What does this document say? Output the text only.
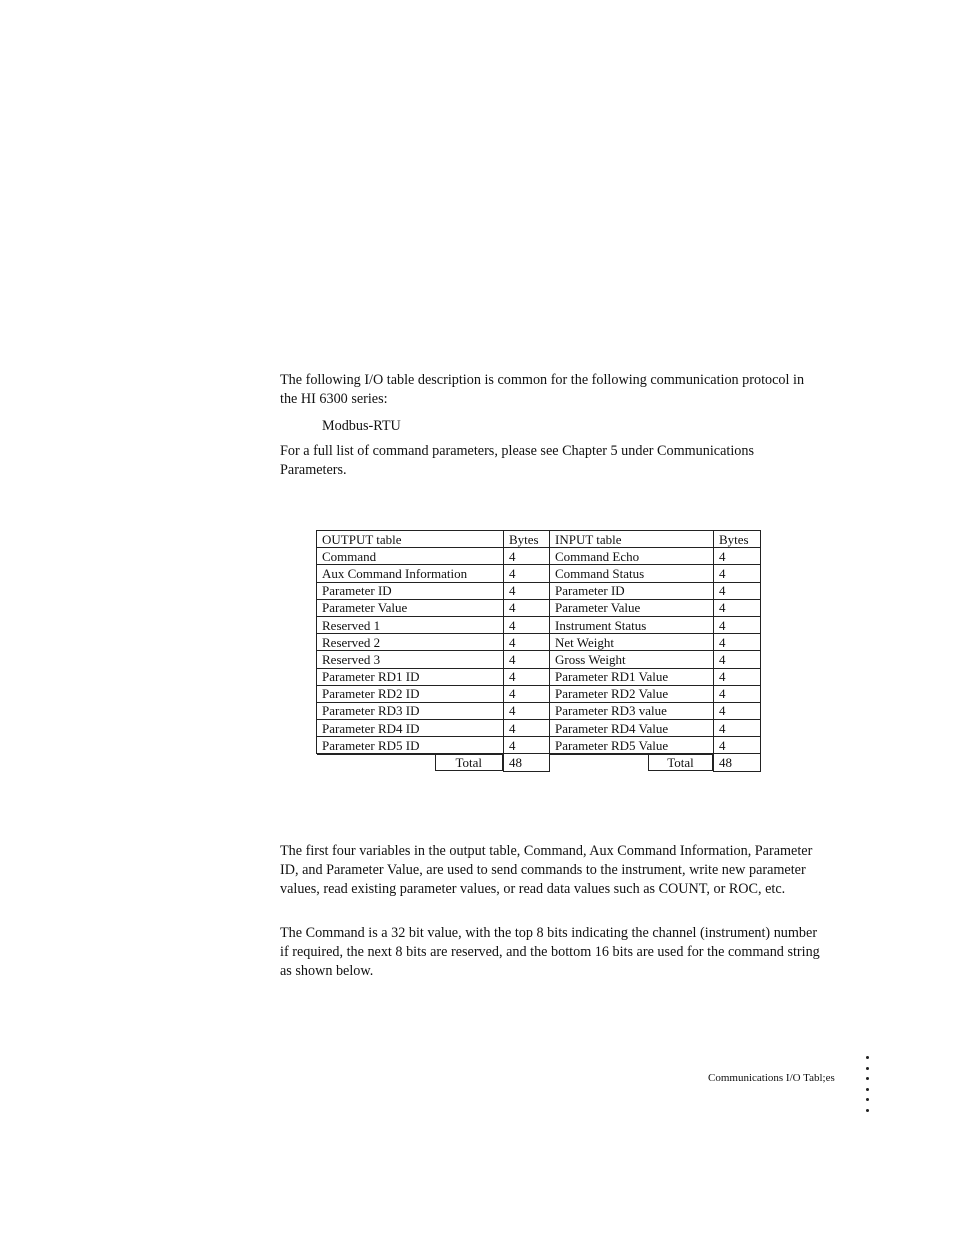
The following I/O table description is common for the following communication protocol in the HI 6300 series:

Modbus-RTU

For a full list of command parameters, please see Chapter 5 under Communications Parameters.

OUTPUT table	Bytes	INPUT table	Bytes
Command	4	Command Echo	4
Aux Command Information	4	Command Status	4
Parameter ID	4	Parameter ID	4
Parameter Value	4	Parameter Value	4
Reserved 1	4	Instrument Status	4
Reserved 2	4	Net Weight	4
Reserved 3	4	Gross Weight	4
Parameter RD1 ID	4	Parameter RD1 Value	4
Parameter RD2 ID	4	Parameter RD2 Value	4
Parameter RD3 ID	4	Parameter RD3 value	4
Parameter RD4 ID	4	Parameter RD4 Value	4
Parameter RD5 ID	4	Parameter RD5 Value	4

Total	48	Total	48

The first four variables in the output table, Command, Aux Command Information, Parameter ID, and Parameter Value, are used to send commands to the instrument, write new parameter values, read existing parameter values, or read data values such as COUNT, or ROC, etc.

The Command is a 32 bit value, with the top 8 bits indicating the channel (instrument) number if required, the next 8 bits are reserved, and the bottom 16 bits are used for the command string as shown below.

Communications I/O Tabl;es
